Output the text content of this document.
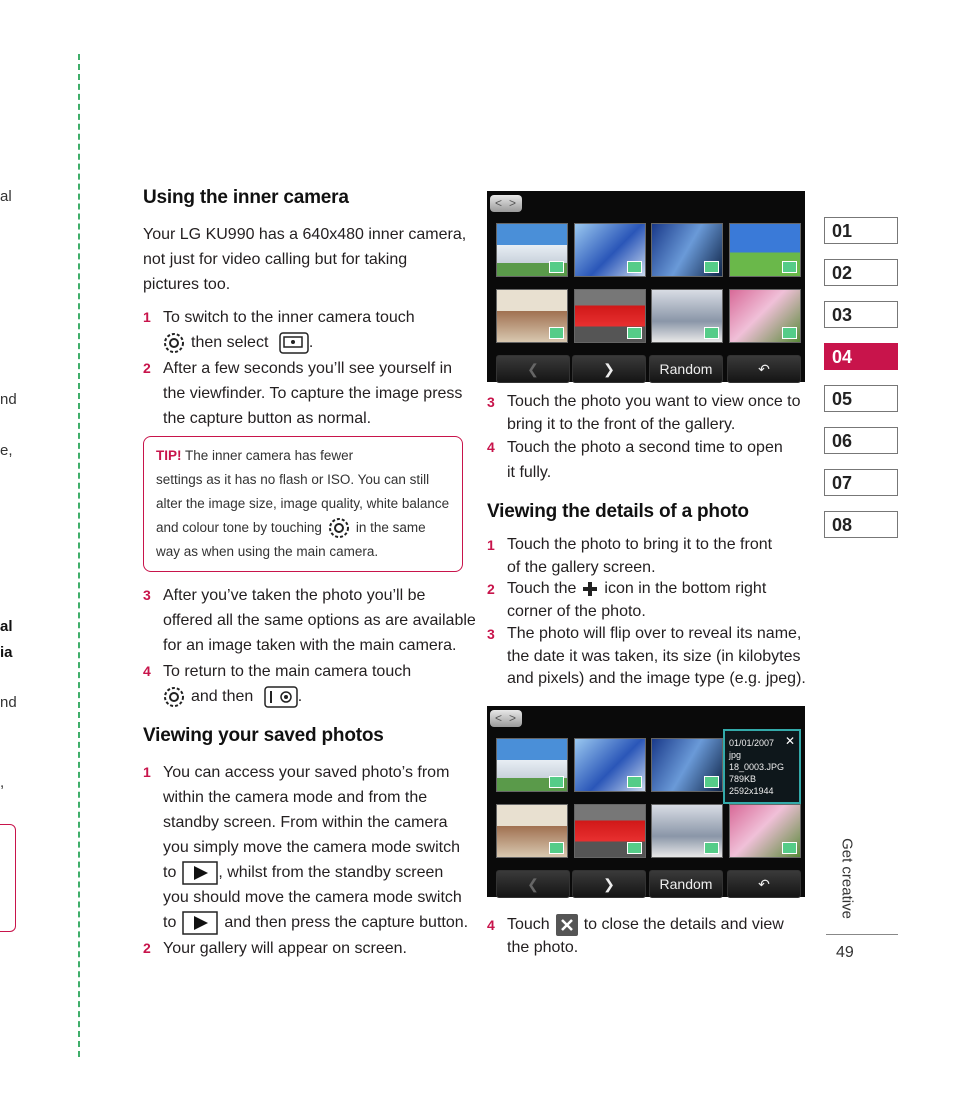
al
nd
e,
al
ia
nd
,
Using the inner camera
Your LG KU990 has a 640x480 inner camera,
not just for video calling but for taking
pictures too.
1 To switch to the inner camera touch
then select	.
2 After a few seconds you’ll see yourself in
the viewfinder. To capture the image press
the capture button as normal.
TIP! The inner camera has fewer
settings as it has no flash or ISO. You can still
alter the image size, image quality, white balance
and colour tone by touching	in the same
way as when using the main camera.
3 After you’ve taken the photo you’ll be
offered all the same options as are available
for an image taken with the main camera.
4 To return to the main camera touch
and then	.
Viewing your saved photos
1 You can access your saved photo’s from
within the camera mode and from the
standby screen. From within the camera
you simply move the camera mode switch
to	, whilst from the standby screen
you should move the camera mode switch
to	and then press the capture button.
2 Your gallery will appear on screen.
< >
❮	❯	Random	↶
3 Touch the photo you want to view once to
bring it to the front of the gallery.
4 Touch the photo a second time to open
it fully.
Viewing the details of a photo
1 Touch the photo to bring it to the front
of the gallery screen.
2 Touch the icon in the bottom right
corner of the photo.
3 The photo will flip over to reveal its name,
the date it was taken, its size (in kilobytes
and pixels) and the image type (e.g. jpeg).
< >
✕
01/01/2007
jpg
18_0003.JPG
789KB
2592x1944
❮	❯	Random	↶
4 Touch to close the details and view
the photo.
01
02
03
04
05
06
07
08
Get creative
49
